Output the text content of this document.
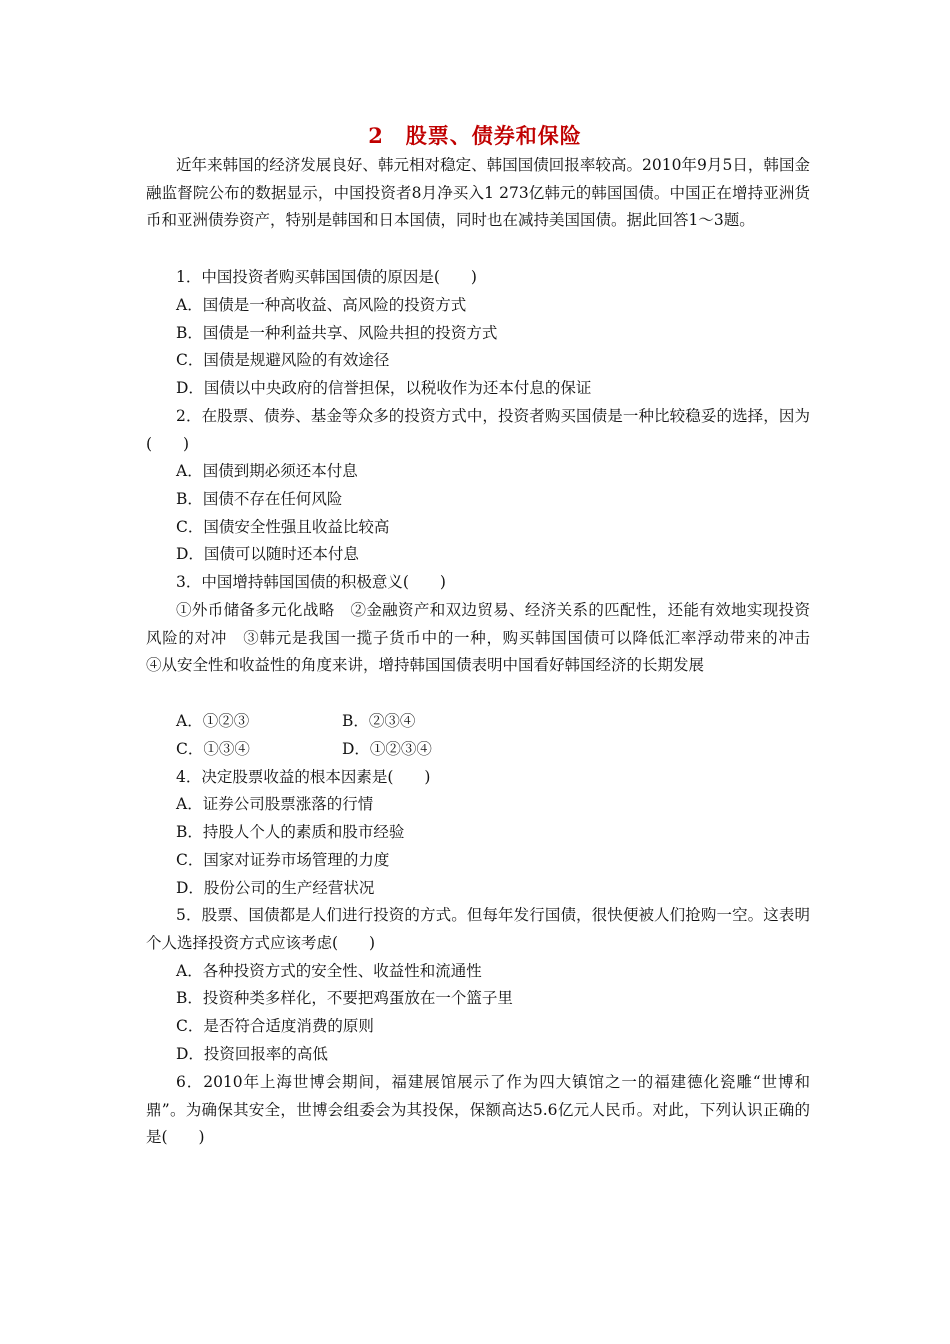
2　股票、债券和保险

近年来韩国的经济发展良好、韩元相对稳定、韩国国债回报率较高。2010年9月5日，韩国金融监督院公布的数据显示，中国投资者8月净买入1 273亿韩元的韩国国债。中国正在增持亚洲货币和亚洲债券资产，特别是韩国和日本国债，同时也在减持美国国债。据此回答1～3题。

1．中国投资者购买韩国国债的原因是(　　)

A．国债是一种高收益、高风险的投资方式

B．国债是一种利益共享、风险共担的投资方式

C．国债是规避风险的有效途径

D．国债以中央政府的信誉担保，以税收作为还本付息的保证

2．在股票、债券、基金等众多的投资方式中，投资者购买国债是一种比较稳妥的选择，因为(　　)

A．国债到期必须还本付息

B．国债不存在任何风险

C．国债安全性强且收益比较高

D．国债可以随时还本付息

3．中国增持韩国国债的积极意义(　　)

①外币储备多元化战略　②金融资产和双边贸易、经济关系的匹配性，还能有效地实现投资风险的对冲　③韩元是我国一揽子货币中的一种，购买韩国国债可以降低汇率浮动带来的冲击　④从安全性和收益性的角度来讲，增持韩国国债表明中国看好韩国经济的长期发展

A．①②③	B．②③④

C．①③④	D．①②③④

4．决定股票收益的根本因素是(　　)

A．证券公司股票涨落的行情

B．持股人个人的素质和股市经验

C．国家对证券市场管理的力度

D．股份公司的生产经营状况

5．股票、国债都是人们进行投资的方式。但每年发行国债，很快便被人们抢购一空。这表明个人选择投资方式应该考虑(　　)

A．各种投资方式的安全性、收益性和流通性

B．投资种类多样化，不要把鸡蛋放在一个篮子里

C．是否符合适度消费的原则

D．投资回报率的高低

6．2010年上海世博会期间，福建展馆展示了作为四大镇馆之一的福建德化瓷雕“世博和鼎”。为确保其安全，世博会组委会为其投保，保额高达5.6亿元人民币。对此，下列认识正确的是(　　)
